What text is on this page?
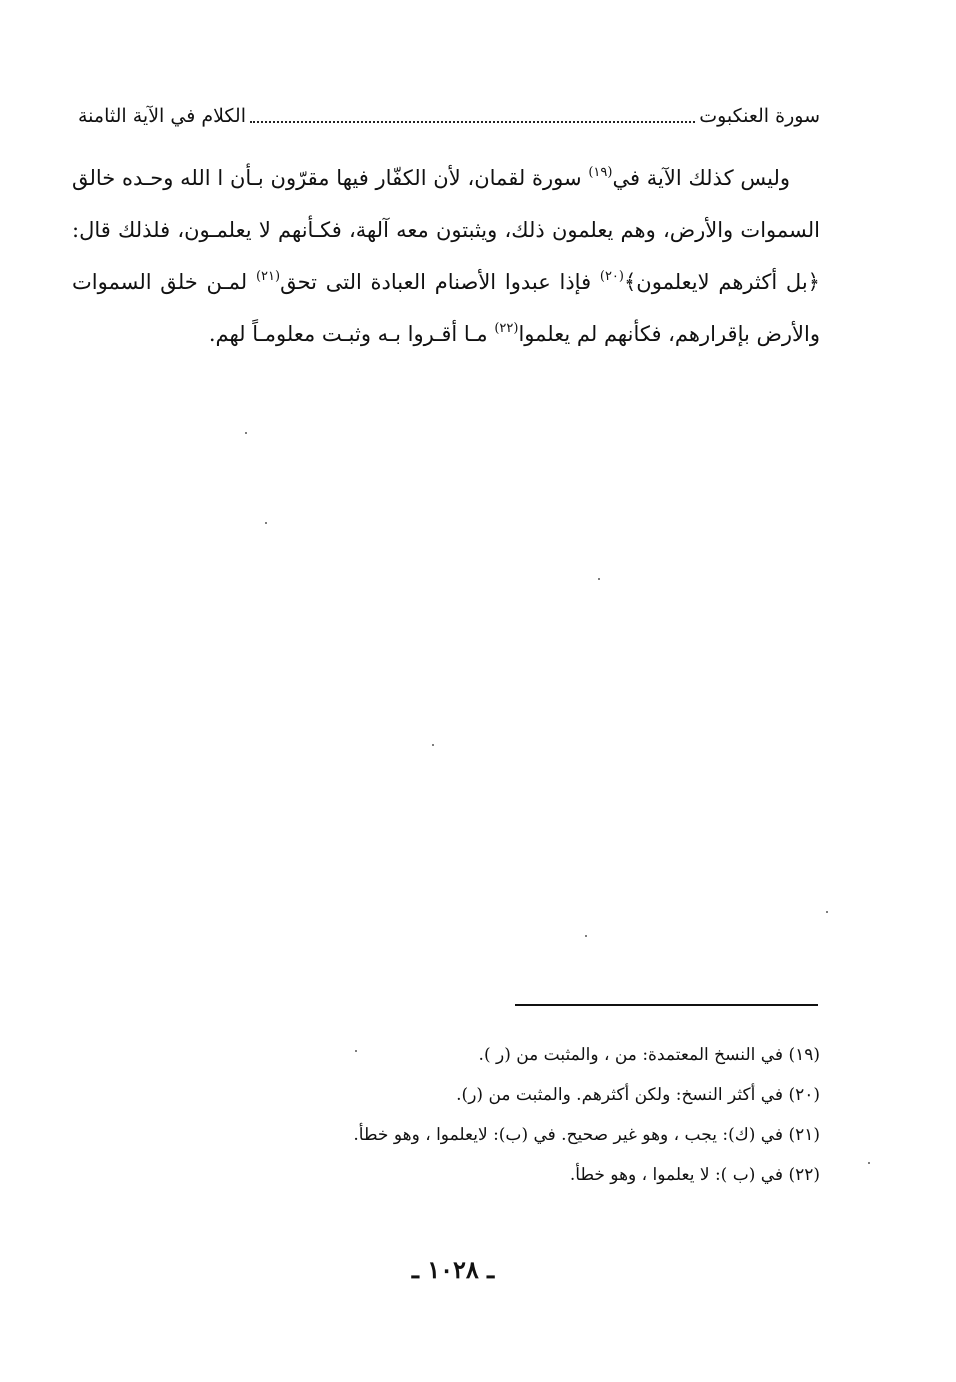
سورة العنكبوت
الكلام في الآية الثامنة

وليس كذلك الآية في$^{(١٩)}$ سورة لقمان، لأن الكفّار فيها مقرّون بـأن ا الله وحـده خالق السموات والأرض، وهم يعلمون ذلك، ويثبتون معه آلهة، فكـأنهم لا يعلمـون، فلذلك قال: ﴿بل أكثرهم لايعلمون﴾$^{(٢٠)}$ فإذا عبدوا الأصنام العبادة التى تحق$^{(٢١)}$ لمـن خلق السموات والأرض بإقرارهم، فكأنهم لم يعلموا$^{(٢٢)}$ مـا أقـروا بـه وثبـت معلومـاً لهم.

(١٩) في النسخ المعتمدة: من ، والمثبت من (ر ).
(٢٠) في أكثر النسخ: ولكن أكثرهم. والمثبت من (ر).
(٢١) في (ك): يجب ، وهو غير صحيح. في (ب): لايعلموا ، وهو خطأ.
(٢٢) في (ب ): لا يعلموا ، وهو خطأ.
ـ ١٠٢٨ ـ
